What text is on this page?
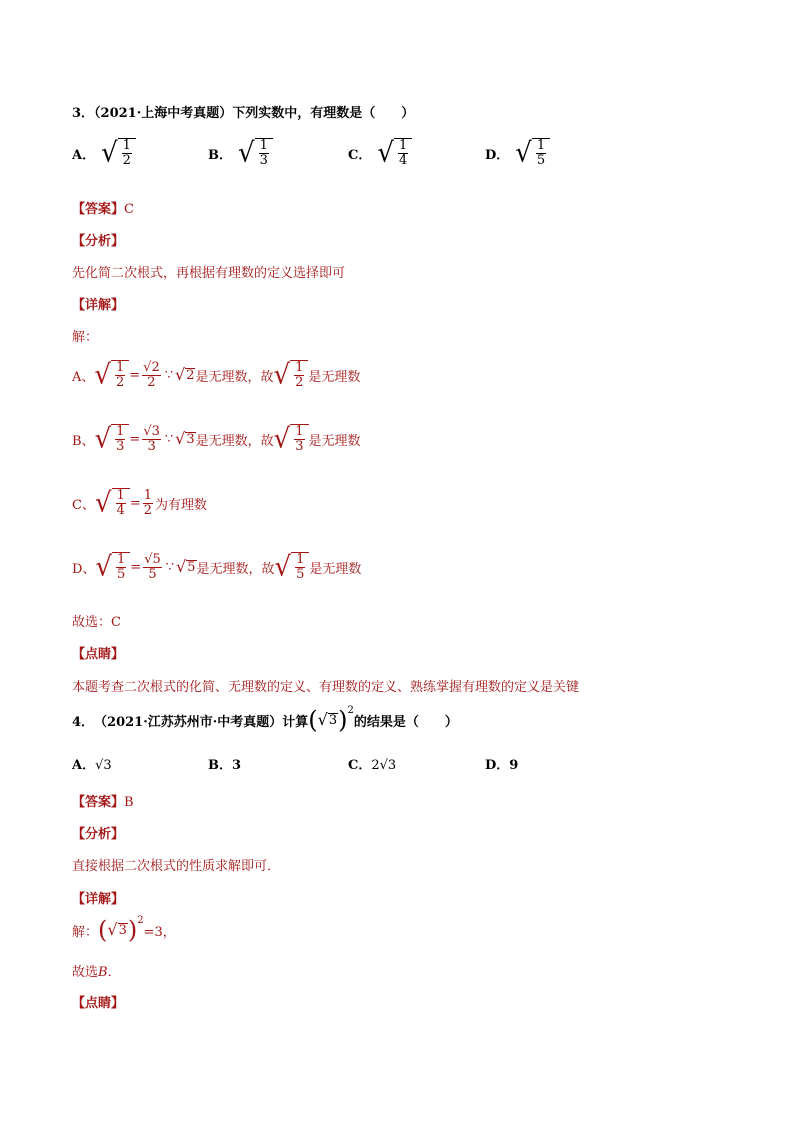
3．（2021·上海中考真题）下列实数中，有理数是（　　）
A． √ $\frac{1}{2}$	B． √ $\frac{1}{3}$	C． √ $\frac{1}{4}$	D． √ $\frac{1}{5}$
【答案】C
【分析】
先化简二次根式，再根据有理数的定义选择即可
【详解】
解：
A、 √ $\frac{1}{2} = \frac{√2}{2}$ ∵ √ 2 是无理数，故 √ $\frac{1}{2}$ 是无理数
B、 √ $\frac{1}{3} = \frac{√3}{3}$ ∵ √ 3 是无理数，故 √ $\frac{1}{3}$ 是无理数
C、 √ $\frac{1}{4} = \frac{1}{2}$ 为有理数
D、 √ $\frac{1}{5} = \frac{√5}{5}$ ∵ √ 5 是无理数，故 √ $\frac{1}{5}$ 是无理数
故选：C
【点睛】
本题考查二次根式的化简、无理数的定义、有理数的定义、熟练掌握有理数的定义是关键
4． （2021·江苏苏州市·中考真题） 计算 ( √ 3 ) 2
的结果是（　　）
A．√3	B．3	C．2√3	D．9
【答案】B
【分析】
直接根据二次根式的性质求解即可．
【详解】
解： ( √ 3 ) 2
=3，
故选B．
【点睛】
